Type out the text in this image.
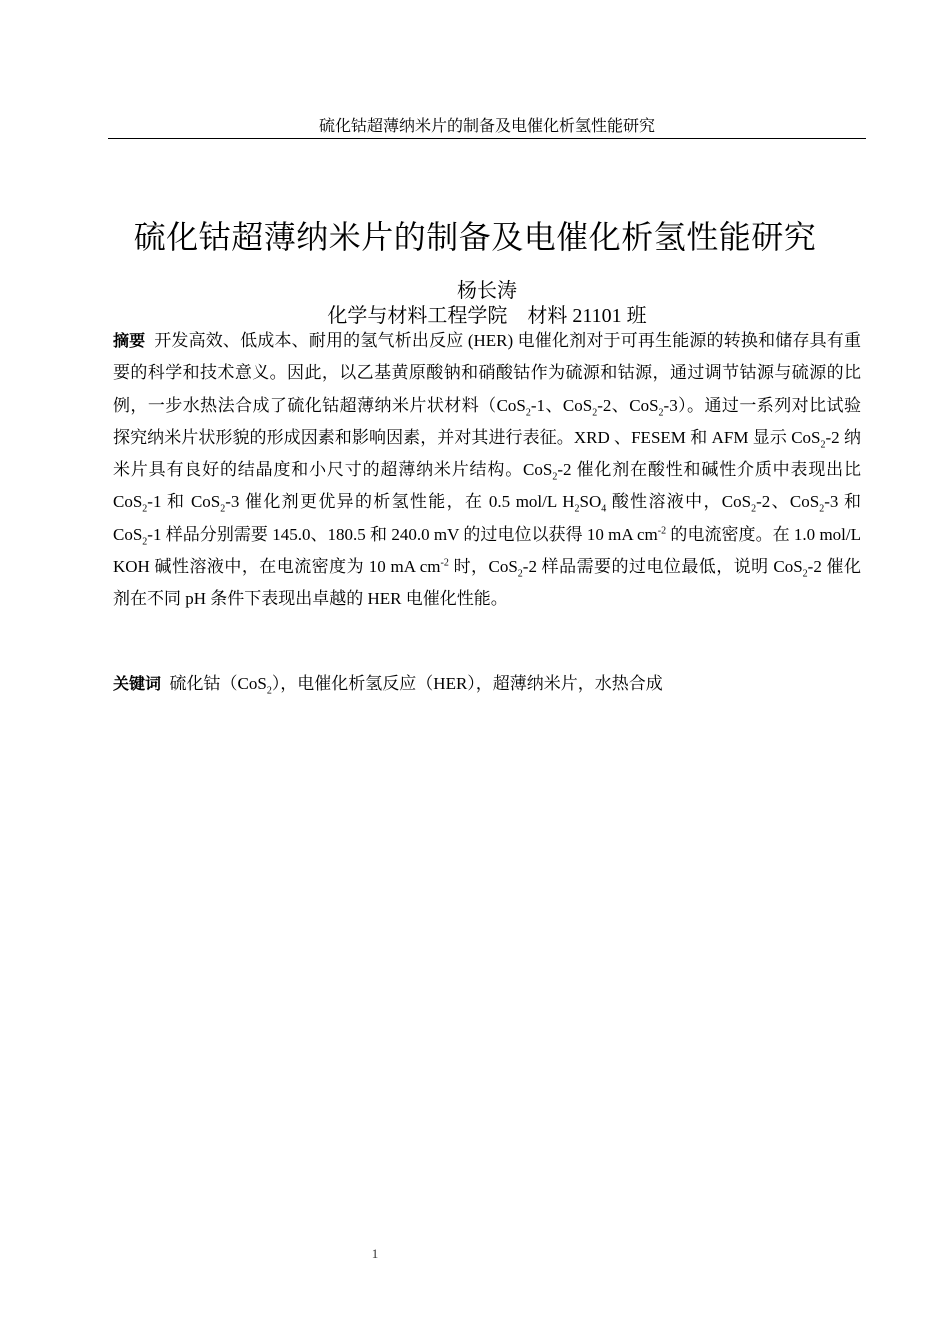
硫化钴超薄纳米片的制备及电催化析氢性能研究
硫化钴超薄纳米片的制备及电催化析氢性能研究
杨长涛
化学与材料工程学院　材料 21101 班
摘要 开发高效、低成本、耐用的氢气析出反应 (HER) 电催化剂对于可再生能源的转换和储存具有重要的科学和技术意义。因此，以乙基黄原酸钠和硝酸钴作为硫源和钴源，通过调节钴源与硫源的比例，一步水热法合成了硫化钴超薄纳米片状材料（CoS$_2$-1、CoS$_2$-2、CoS$_2$-3）。通过一系列对比试验探究纳米片状形貌的形成因素和影响因素，并对其进行表征。XRD 、FESEM 和 AFM 显示 CoS$_2$-2 纳米片具有良好的结晶度和小尺寸的超薄纳米片结构。CoS$_2$-2 催化剂在酸性和碱性介质中表现出比 CoS$_2$-1 和 CoS$_2$-3 催化剂更优异的析氢性能，在 0.5 mol/L $H_2SO_4$ 酸性溶液中，CoS$_2$-2、CoS$_2$-3 和 CoS$_2$-1 样品分别需要 145.0、180.5 和 240.0 mV 的过电位以获得 10 mA $cm^{-2}$ 的电流密度。在 1.0 mol/L KOH 碱性溶液中，在电流密度为 10 mA $cm^{-2}$ 时，CoS$_2$-2 样品需要的过电位最低，说明 CoS$_2$-2 催化剂在不同 pH 条件下表现出卓越的 HER 电催化性能。
关键词 硫化钴（CoS$_2$），电催化析氢反应（HER），超薄纳米片，水热合成
1
